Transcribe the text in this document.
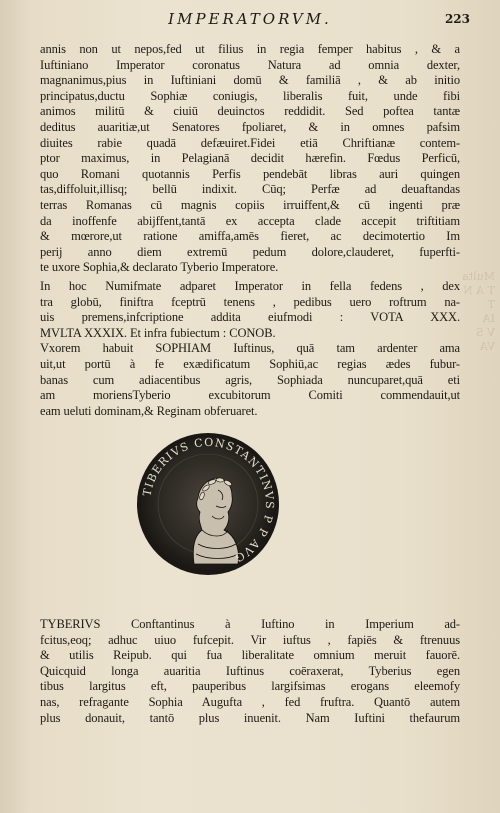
Multa
T A N T
IA
V S
VA
IMPERATORVM.	223
annis non ut nepos,fed ut filius in regia femper habitus , & a
Iuftiniano Imperator coronatus Natura ad omnia dexter,
magnanimus,pius in Iuftiniani domū & familiā , & ab initio
principatus,ductu Sophiæ coniugis, liberalis fuit, unde fibi
animos militū & ciuiū deuinctos reddidit. Sed poftea tantæ
deditus auaritiæ,ut Senatores fpoliaret, & in omnes pafsim
diuites rabie quadā defæuiret.Fidei etiā Chriftianæ contem-
ptor maximus, in Pelagianā decidit hærefin. Fœdus Perficū,
quo Romani quotannis Perfis pendebāt libras auri quingen
tas,diffoluit,illisq; bellū indixit. Cūq; Perfæ ad deuaftandas
terras Romanas cū magnis copiis irruiffent,& cū ingenti præ
da inoffenfe abijffent,tantā ex accepta clade accepit triftitiam
& mœrore,ut ratione amiffa,amēs fieret, ac decimotertio Im
perij anno diem extremū pedum dolore,clauderet, fuperfti-
te uxore Sophia,& declarato Tyberio Imperatore.
In hoc Numifmate adparet Imperator in fella fedens , dex
tra globū, finiftra fceptrū tenens , pedibus uero roftrum na-
uis premens,infcriptione addita eiufmodi : VOTA XXX.
MVLTA XXXIX. Et infra fubiectum : CONOB.
Vxorem habuit SOPHIAM Iuftinus, quā tam ardenter ama
uit,ut portū à fe exædificatum Sophiū,ac regias ædes fubur-
banas cum adiacentibus agris, Sophiada nuncuparet,quā eti
am moriensTyberio excubitorum Comiti commendauit,ut
eam ueluti dominam,& Reginam obferuaret.
TIBERIVS CONSTANTINVS P P AVG
TYBERIVS Conftantinus à Iuftino in Imperium ad-
fcitus,eoq; adhuc uiuo fufcepit. Vir iuftus , fapiēs & ftrenuus
& utilis Reipub. qui fua liberalitate omnium meruit fauorē.
Quicquid longa auaritia Iuftinus coēraxerat, Tyberius egen
tibus largitus eft, pauperibus largifsimas erogans eleemofy
nas, refragante Sophia Augufta , fed fruftra. Quantō autem
plus donauit, tantō plus inuenit. Nam Iuftini thefaurum
